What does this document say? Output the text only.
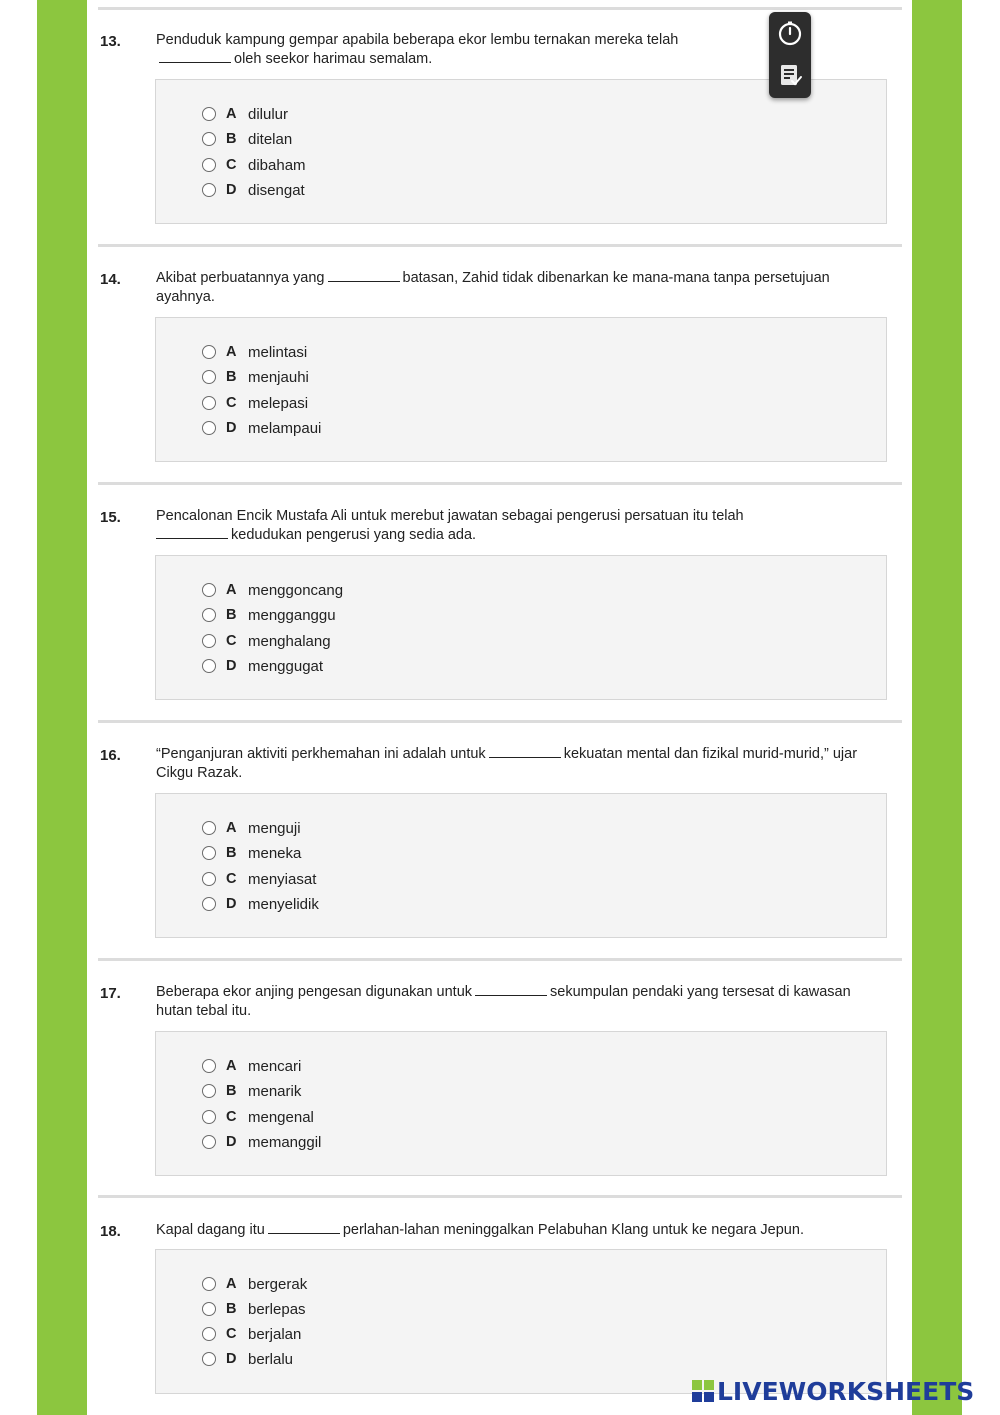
13. Penduduk kampung gempar apabila beberapa ekor lembu ternakan mereka telaholeh seekor harimau semalam.
A dilulur
B ditelan
C dibaham
D disengat
14. Akibat perbuatannya yang	batasan, Zahid tidak dibenarkan ke mana-mana tanpa persetujuan ayahnya.
A melintasi
B menjauhi
C melepasi
D melampaui
15. Pencalonan Encik Mustafa Ali untuk merebut jawatan sebagai pengerusi persatuan itu telah
kedudukan pengerusi yang sedia ada.
A menggoncang
B mengganggu
C menghalang
D menggugat
16. “Penganjuran aktiviti perkhemahan ini adalah untuk	kekuatan mental dan fizikal murid-murid,” ujar Cikgu Razak.
A menguji
B meneka
C menyiasat
D menyelidik
17. Beberapa ekor anjing pengesan digunakan untuk	sekumpulan pendaki yang tersesat di kawasan hutan tebal itu.
A mencari
B menarik
C mengenal
D memanggil
18. Kapal dagang itu	perlahan-lahan meninggalkan Pelabuhan Klang untuk ke negara Jepun.
A bergerak
B berlepas
C berjalan
D berlalu
LIVEWORKSHEETS
